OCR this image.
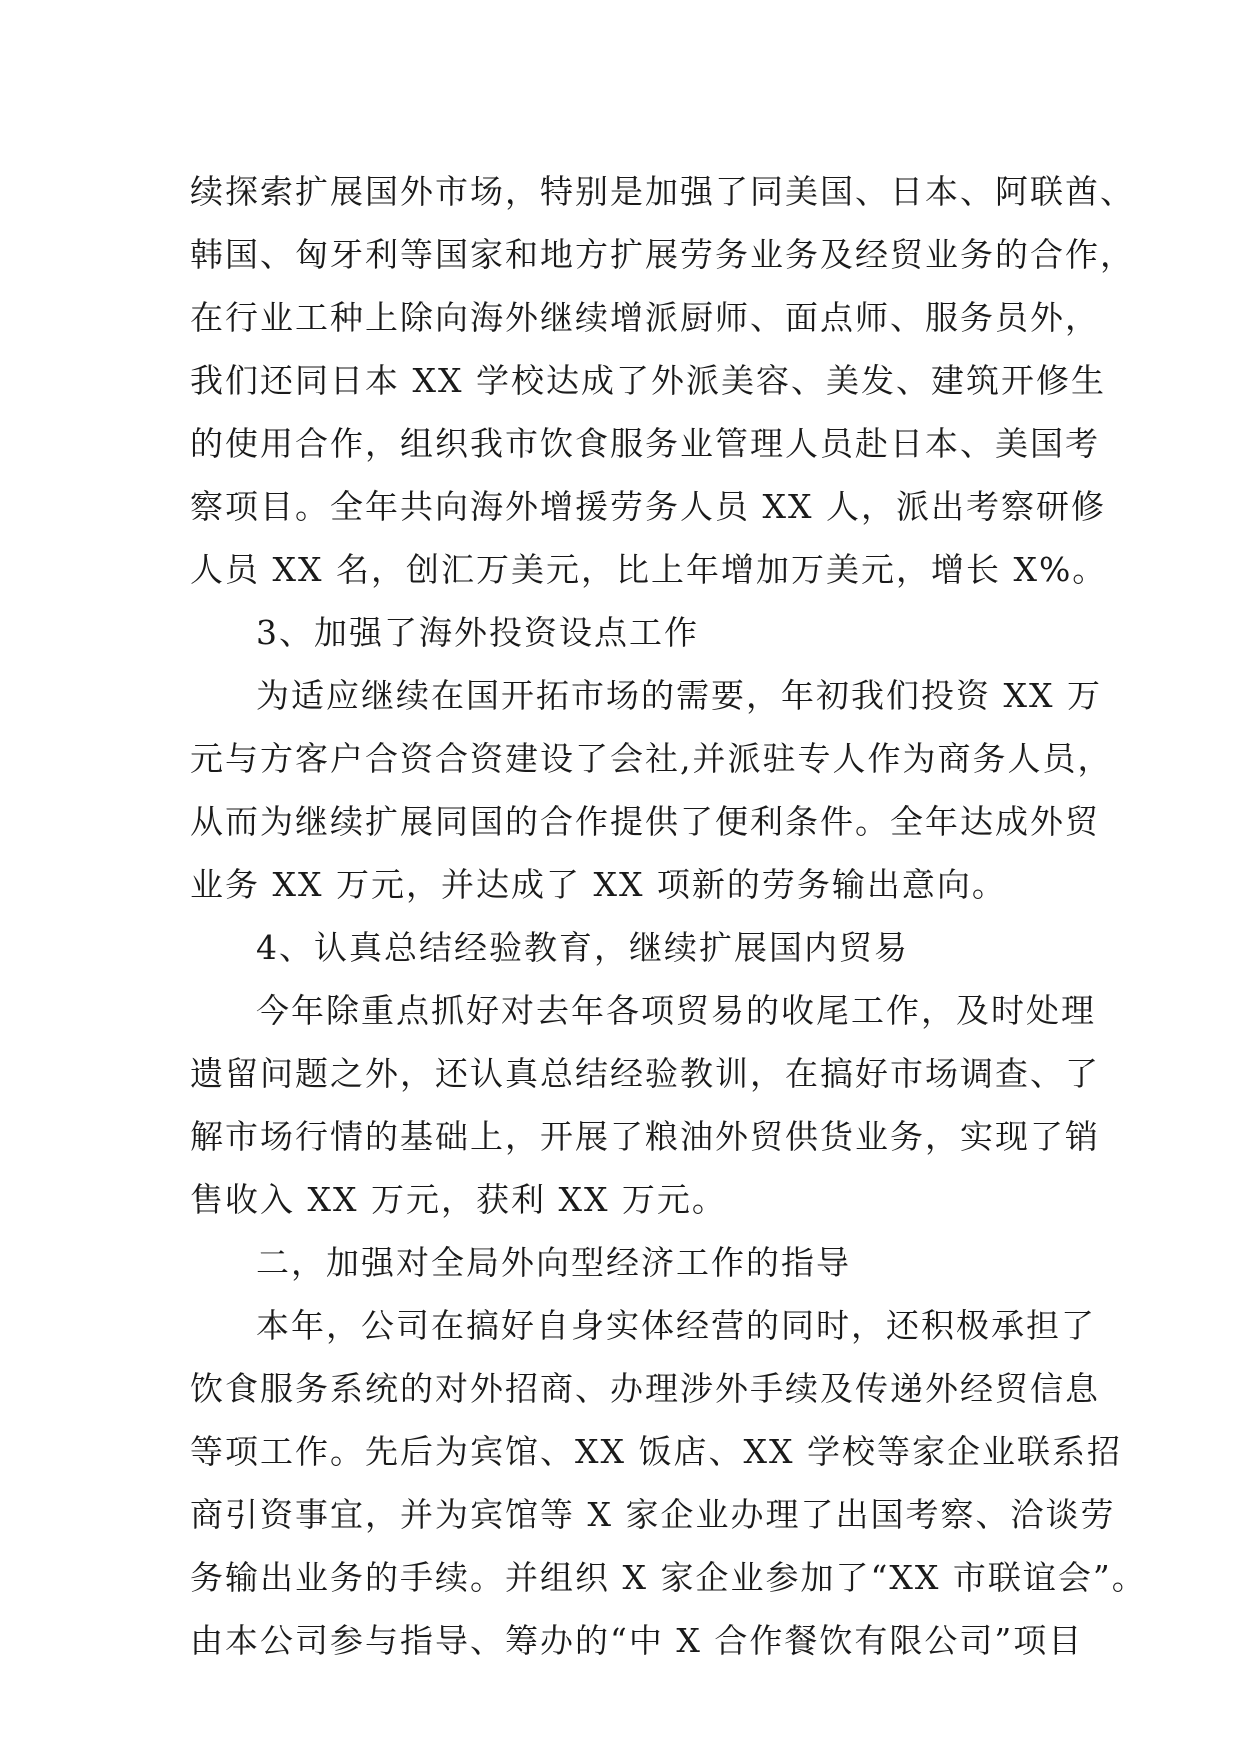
续探索扩展国外市场，特别是加强了同美国、日本、阿联酋、
韩国、匈牙利等国家和地方扩展劳务业务及经贸业务的合作，
在行业工种上除向海外继续增派厨师、面点师、服务员外，
我们还同日本 XX 学校达成了外派美容、美发、建筑开修生
的使用合作，组织我市饮食服务业管理人员赴日本、美国考
察项目。全年共向海外增援劳务人员 XX 人，派出考察研修
人员 XX 名，创汇万美元，比上年增加万美元，增长 X%。
3、加强了海外投资设点工作
为适应继续在国开拓市场的需要，年初我们投资 XX 万
元与方客户合资合资建设了会社,并派驻专人作为商务人员，
从而为继续扩展同国的合作提供了便利条件。全年达成外贸
业务 XX 万元，并达成了 XX 项新的劳务输出意向。
4、认真总结经验教育，继续扩展国内贸易
今年除重点抓好对去年各项贸易的收尾工作，及时处理
遗留问题之外，还认真总结经验教训，在搞好市场调查、了
解市场行情的基础上，开展了粮油外贸供货业务，实现了销
售收入 XX 万元，获利 XX 万元。
二，加强对全局外向型经济工作的指导
本年，公司在搞好自身实体经营的同时，还积极承担了
饮食服务系统的对外招商、办理涉外手续及传递外经贸信息
等项工作。先后为宾馆、XX 饭店、XX 学校等家企业联系招
商引资事宜，并为宾馆等 X 家企业办理了出国考察、洽谈劳
务输出业务的手续。并组织 X 家企业参加了“XX 市联谊会”。
由本公司参与指导、筹办的“中 X 合作餐饮有限公司”项目
